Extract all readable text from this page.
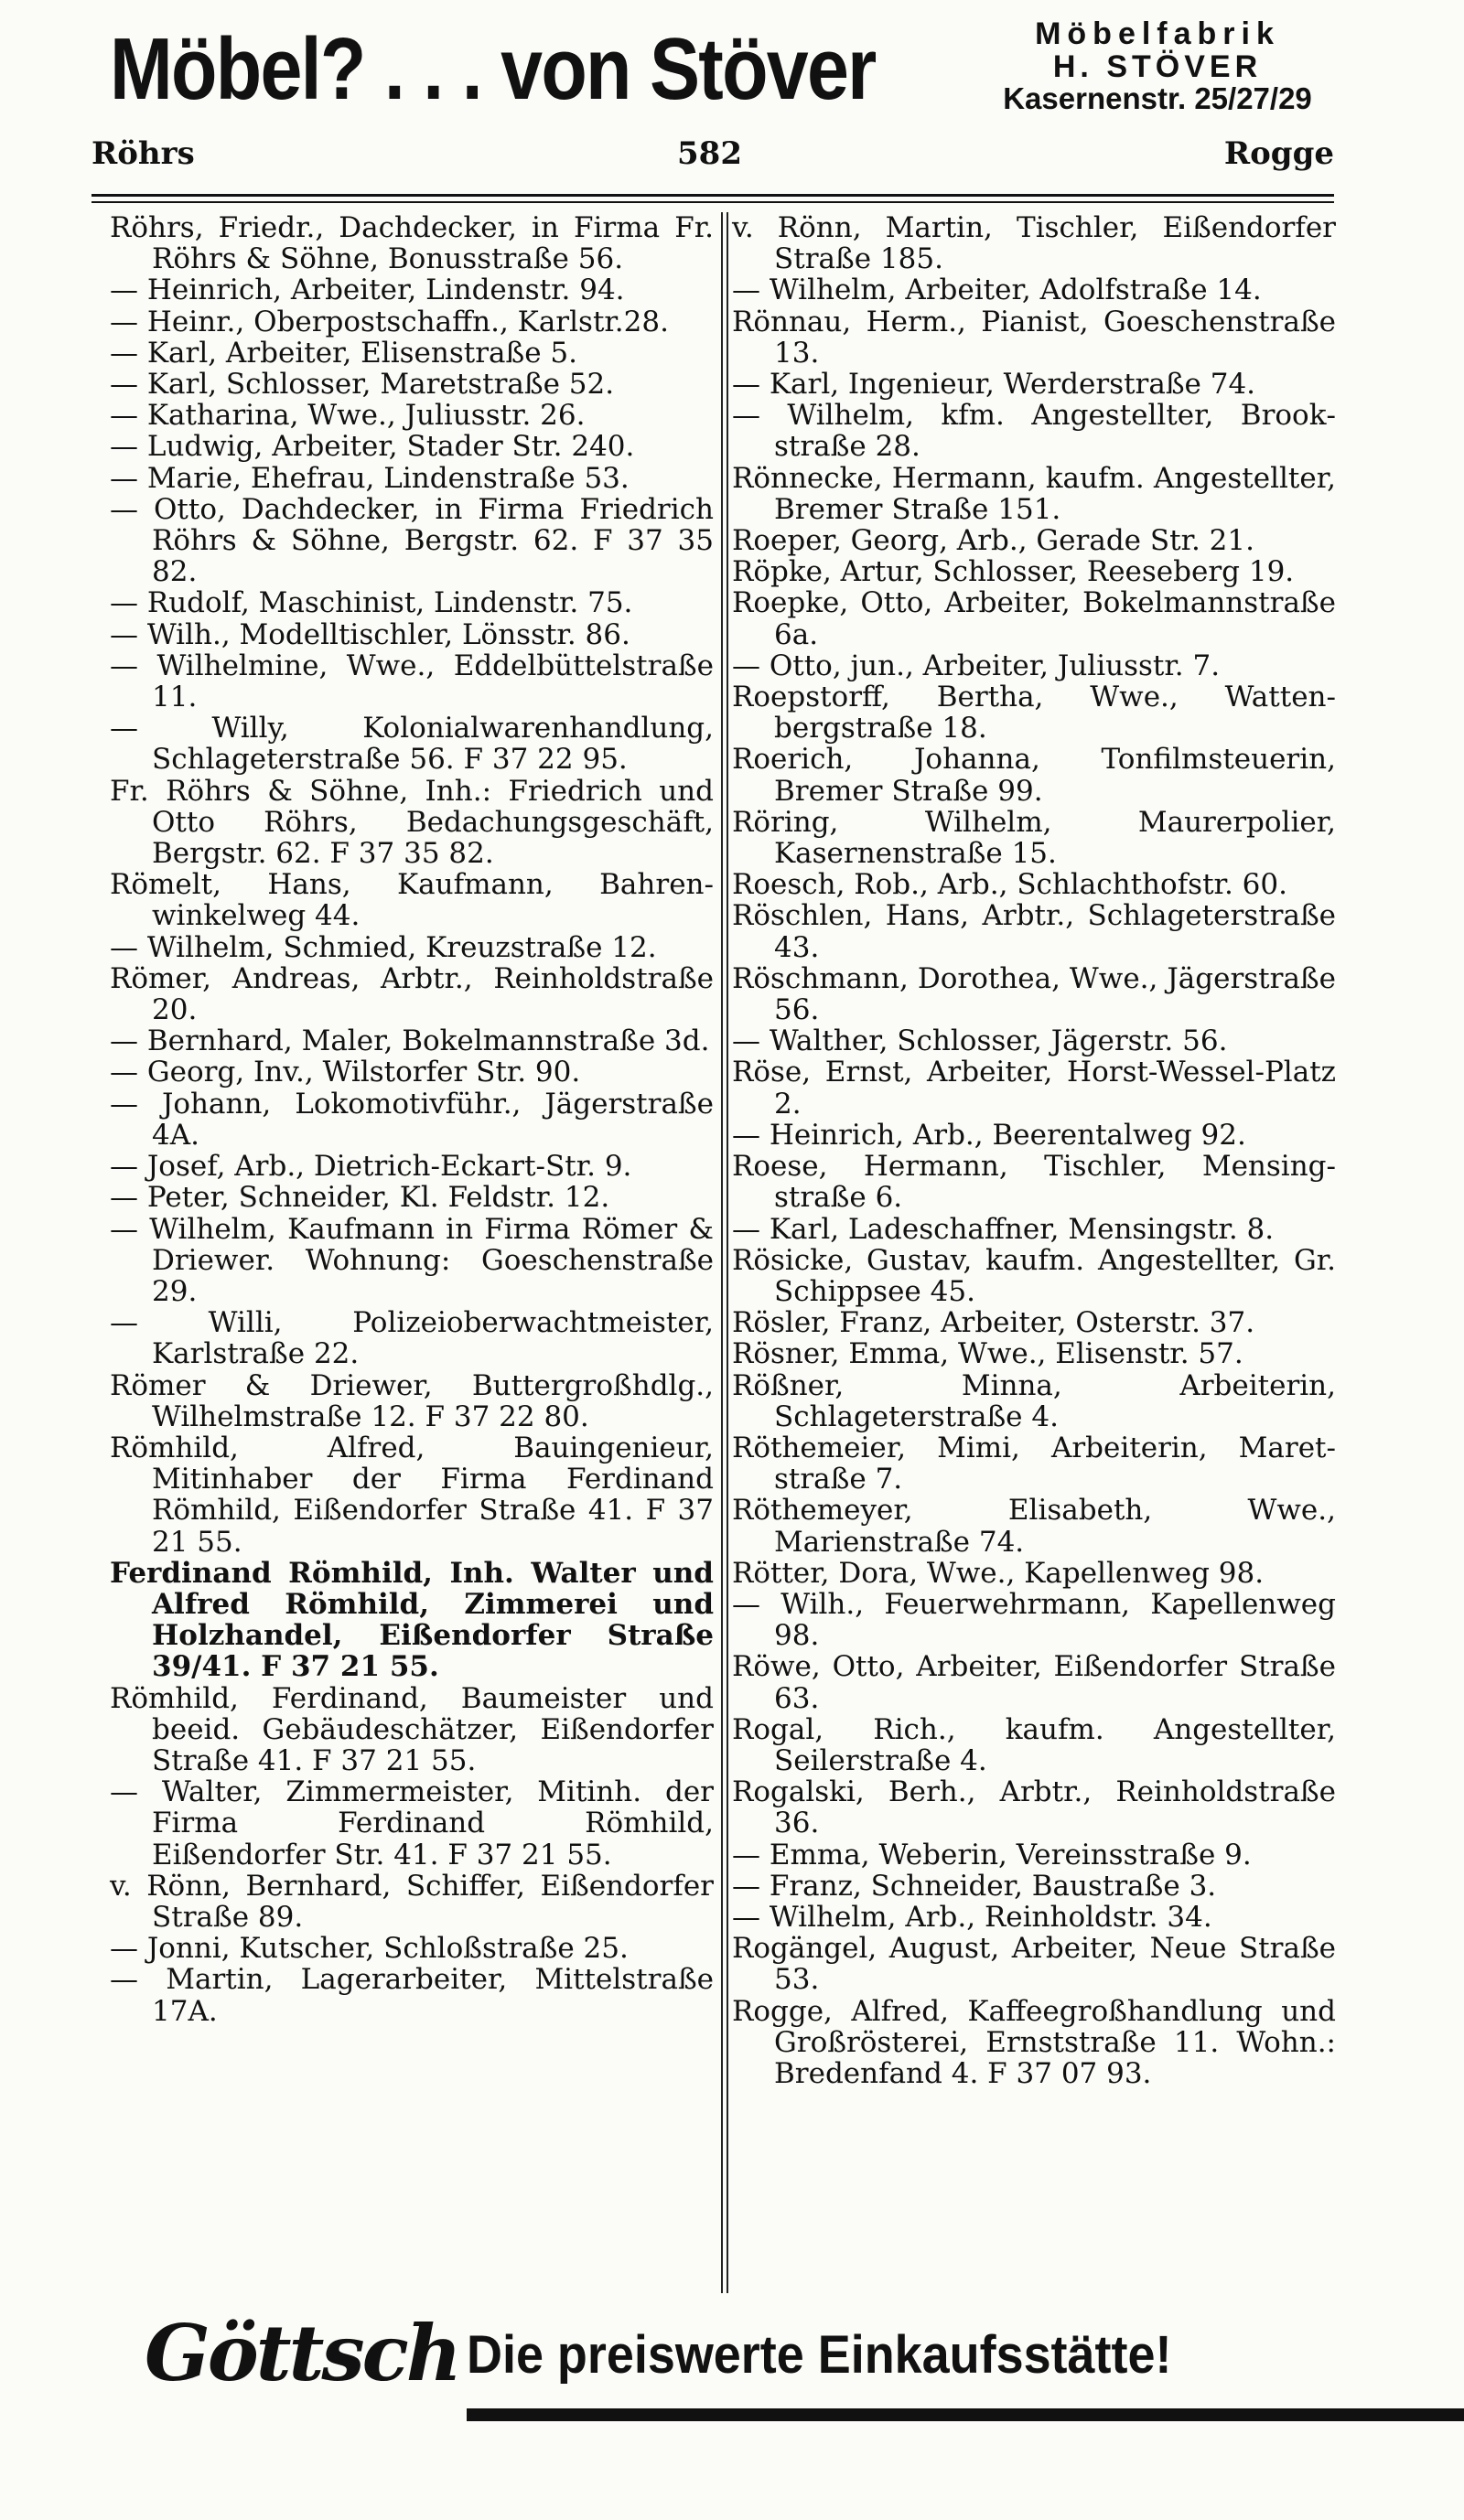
Möbel? . . . von Stöver	Möbelfabrik
H. STÖVER
Kasernenstr. 25/27/29
Röhrs	582	Rogge

Röhrs, Friedr., Dachdecker, in Firma Fr. Röhrs & Söhne, Bonusstraße 56.

— Heinrich, Arbeiter, Lindenstr. 94.

— Heinr., Oberpostschaffn., Karlstr.28.

— Karl, Arbeiter, Elisenstraße 5.

— Karl, Schlosser, Maretstraße 52.

— Katharina, Wwe., Juliusstr. 26.

— Ludwig, Arbeiter, Stader Str. 240.

— Marie, Ehefrau, Lindenstraße 53.

— Otto, Dachdecker, in Firma Friedrich Röhrs & Söhne, Bergstr. 62. F 37 35 82.

— Rudolf, Maschinist, Lindenstr. 75.

— Wilh., Modelltischler, Lönsstr. 86.

— Wilhelmine, Wwe., Eddelbüttelstraße 11.

— Willy, Kolonialwarenhandlung, Schlageterstraße 56. F 37 22 95.

Fr. Röhrs & Söhne, Inh.: Friedrich und Otto Röhrs, Bedachungsgeschäft, Bergstr. 62. F 37 35 82.

Römelt, Hans, Kaufmann, Bahrenwinkelweg 44.

— Wilhelm, Schmied, Kreuzstraße 12.

Römer, Andreas, Arbtr., Reinholdstraße 20.

— Bernhard, Maler, Bokelmannstraße 3d.

— Georg, Inv., Wilstorfer Str. 90.

— Johann, Lokomotivführ., Jägerstraße 4A.

— Josef, Arb., Dietrich-Eckart-Str. 9.

— Peter, Schneider, Kl. Feldstr. 12.

— Wilhelm, Kaufmann in Firma Römer & Driewer. Wohnung: Goeschenstraße 29.

— Willi, Polizeioberwachtmeister, Karlstraße 22.

Römer & Driewer, Buttergroßhdlg., Wilhelmstraße 12. F 37 22 80.

Römhild, Alfred, Bauingenieur, Mitinhaber der Firma Ferdinand Römhild, Eißendorfer Straße 41. F 37 21 55.

Ferdinand Römhild, Inh. Walter und Alfred Römhild, Zimmerei und Holzhandel, Eißendorfer Straße 39/41. F 37 21 55.

Römhild, Ferdinand, Baumeister und beeid. Gebäudeschätzer, Eißendorfer Straße 41. F 37 21 55.

— Walter, Zimmermeister, Mitinh. der Firma Ferdinand Römhild, Eißendorfer Str. 41. F 37 21 55.

v. Rönn, Bernhard, Schiffer, Eißendorfer Straße 89.

— Jonni, Kutscher, Schloßstraße 25.

— Martin, Lagerarbeiter, Mittelstraße 17A.

v. Rönn, Martin, Tischler, Eißendorfer Straße 185.

— Wilhelm, Arbeiter, Adolfstraße 14.

Rönnau, Herm., Pianist, Goeschenstraße 13.

— Karl, Ingenieur, Werderstraße 74.

— Wilhelm, kfm. Angestellter, Brookstraße 28.

Rönnecke, Hermann, kaufm. Angestellter, Bremer Straße 151.

Roeper, Georg, Arb., Gerade Str. 21.

Röpke, Artur, Schlosser, Reeseberg 19.

Roepke, Otto, Arbeiter, Bokelmannstraße 6a.

— Otto, jun., Arbeiter, Juliusstr. 7.

Roepstorff, Bertha, Wwe., Wattenbergstraße 18.

Roerich, Johanna, Tonfilmsteuerin, Bremer Straße 99.

Röring, Wilhelm, Maurerpolier, Kasernenstraße 15.

Roesch, Rob., Arb., Schlachthofstr. 60.

Röschlen, Hans, Arbtr., Schlageterstraße 43.

Röschmann, Dorothea, Wwe., Jägerstraße 56.

— Walther, Schlosser, Jägerstr. 56.

Röse, Ernst, Arbeiter, Horst-Wessel-Platz 2.

— Heinrich, Arb., Beerentalweg 92.

Roese, Hermann, Tischler, Mensingstraße 6.

— Karl, Ladeschaffner, Mensingstr. 8.

Rösicke, Gustav, kaufm. Angestellter, Gr. Schippsee 45.

Rösler, Franz, Arbeiter, Osterstr. 37.

Rösner, Emma, Wwe., Elisenstr. 57.

Rößner, Minna, Arbeiterin, Schlageterstraße 4.

Röthemeier, Mimi, Arbeiterin, Maretstraße 7.

Röthemeyer, Elisabeth, Wwe., Marienstraße 74.

Rötter, Dora, Wwe., Kapellenweg 98.

— Wilh., Feuerwehrmann, Kapellenweg 98.

Röwe, Otto, Arbeiter, Eißendorfer Straße 63.

Rogal, Rich., kaufm. Angestellter, Seilerstraße 4.

Rogalski, Berh., Arbtr., Reinholdstraße 36.

— Emma, Weberin, Vereinsstraße 9.

— Franz, Schneider, Baustraße 3.

— Wilhelm, Arb., Reinholdstr. 34.

Rogängel, August, Arbeiter, Neue Straße 53.

Rogge, Alfred, Kaffeegroßhandlung und Großrösterei, Ernststraße 11. Wohn.: Bredenfand 4. F 37 07 93.

Göttsch Die preiswerte Einkaufsstätte!
